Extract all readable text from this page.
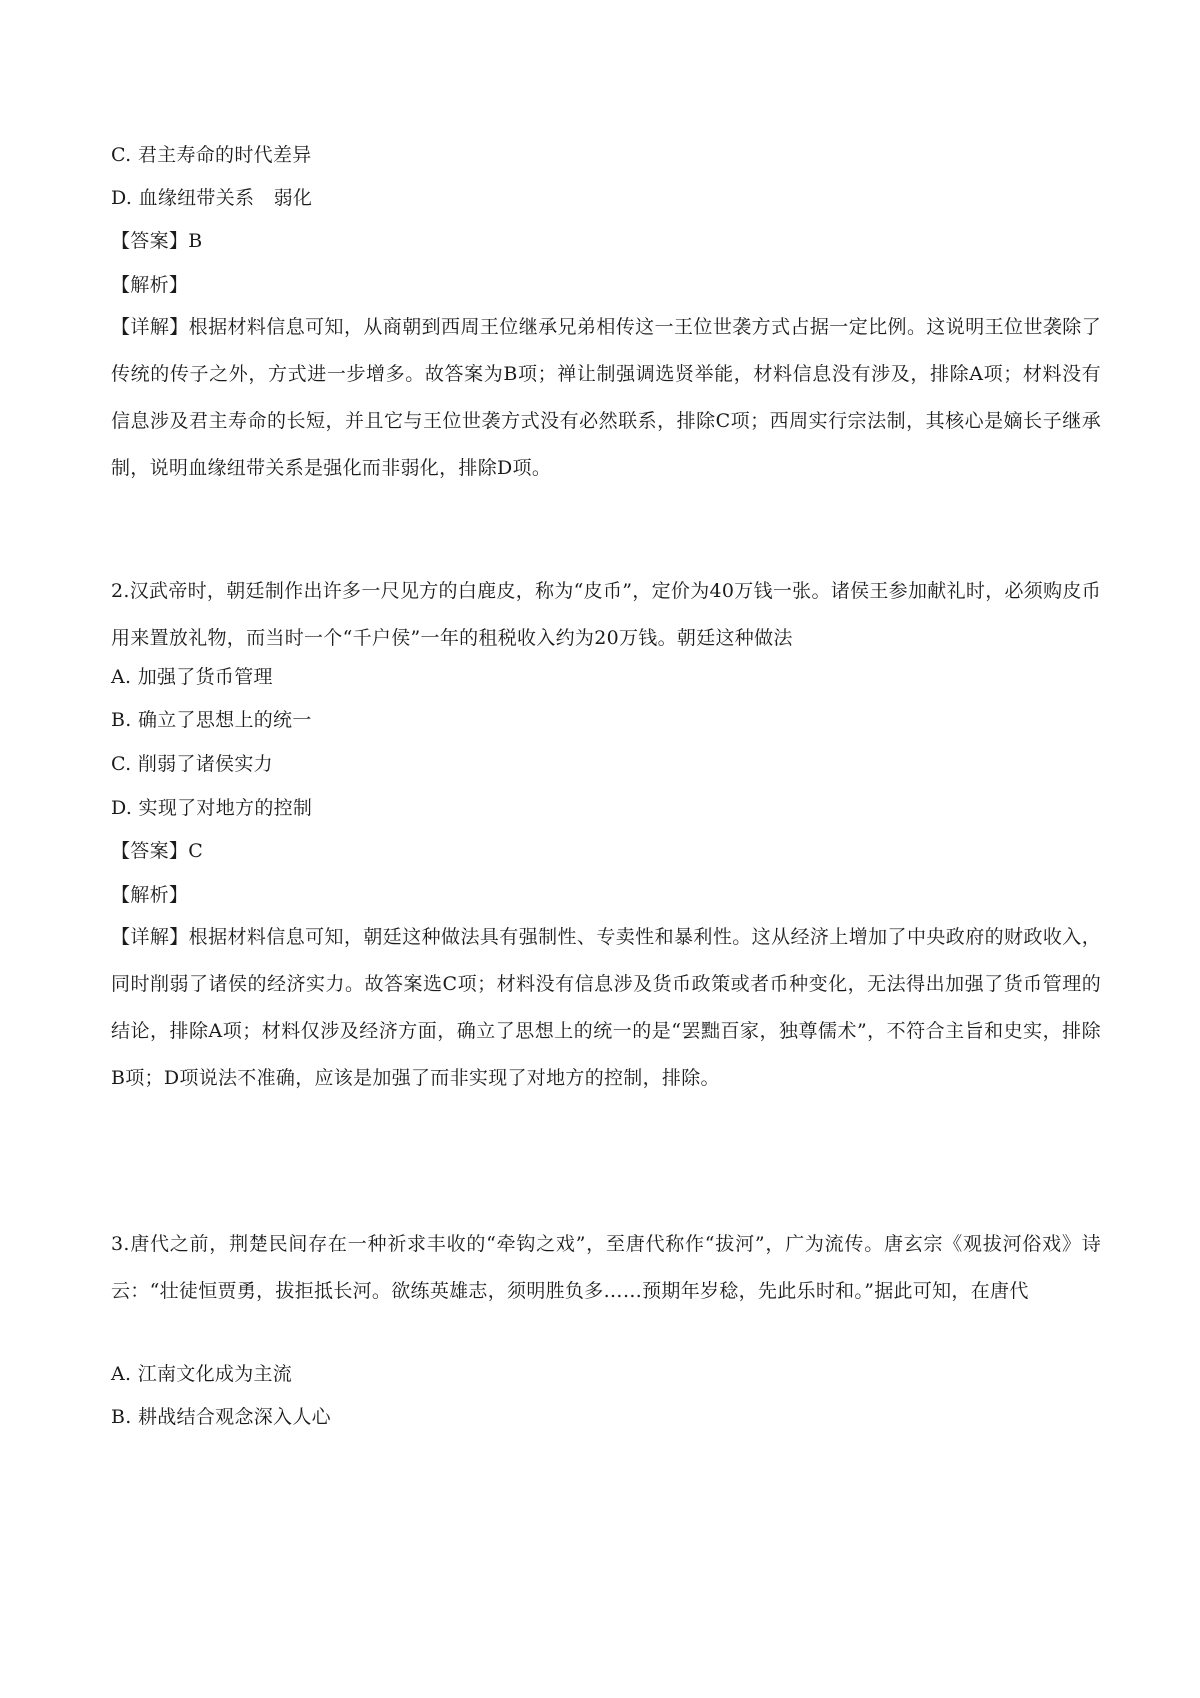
C. 君主寿命的时代差异
D. 血缘纽带关系　弱化
【答案】B
【解析】
【详解】根据材料信息可知，从商朝到西周王位继承兄弟相传这一王位世袭方式占据一定比例。这说明王位世袭除了传统的传子之外，方式进一步增多。故答案为B项；禅让制强调选贤举能，材料信息没有涉及，排除A项；材料没有信息涉及君主寿命的长短，并且它与王位世袭方式没有必然联系，排除C项；西周实行宗法制，其核心是嫡长子继承制，说明血缘纽带关系是强化而非弱化，排除D项。
2.汉武帝时，朝廷制作出许多一尺见方的白鹿皮，称为“皮币”，定价为40万钱一张。诸侯王参加献礼时，必须购皮币用来置放礼物，而当时一个“千户侯”一年的租税收入约为20万钱。朝廷这种做法
A. 加强了货币管理
B. 确立了思想上的统一
C. 削弱了诸侯实力
D. 实现了对地方的控制
【答案】C
【解析】
【详解】根据材料信息可知，朝廷这种做法具有强制性、专卖性和暴利性。这从经济上增加了中央政府的财政收入，同时削弱了诸侯的经济实力。故答案选C项；材料没有信息涉及货币政策或者币种变化，无法得出加强了货币管理的结论，排除A项；材料仅涉及经济方面，确立了思想上的统一的是“罢黜百家，独尊儒术”，不符合主旨和史实，排除B项；D项说法不准确，应该是加强了而非实现了对地方的控制，排除。
3.唐代之前，荆楚民间存在一种祈求丰收的“牵钩之戏”，至唐代称作“拔河”，广为流传。唐玄宗《观拔河俗戏》诗云：“壮徒恒贾勇，拔拒抵长河。欲练英雄志，须明胜负多……预期年岁稔，先此乐时和。”据此可知，在唐代
A. 江南文化成为主流
B. 耕战结合观念深入人心
